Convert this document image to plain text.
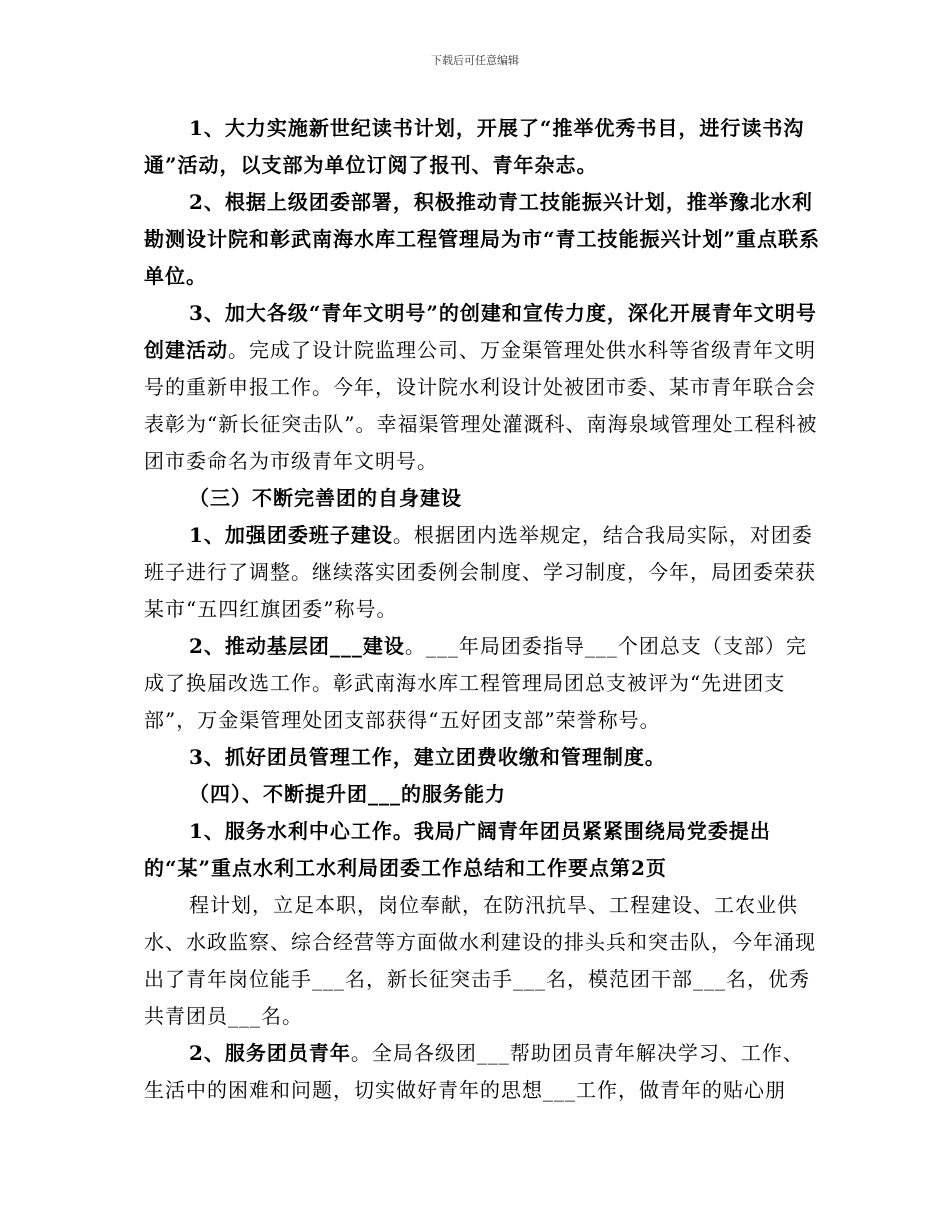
下载后可任意编辑

1、大力实施新世纪读书计划，开展了“推举优秀书目，进行读书沟通”活动，以支部为单位订阅了报刊、青年杂志。

2、根据上级团委部署，积极推动青工技能振兴计划，推举豫北水利勘测设计院和彰武南海水库工程管理局为市“青工技能振兴计划”重点联系单位。

3、加大各级“青年文明号”的创建和宣传力度，深化开展青年文明号创建活动。完成了设计院监理公司、万金渠管理处供水科等省级青年文明号的重新申报工作。今年，设计院水利设计处被团市委、某市青年联合会表彰为“新长征突击队”。幸福渠管理处灌溉科、南海泉域管理处工程科被团市委命名为市级青年文明号。

（三）不断完善团的自身建设

1、加强团委班子建设。根据团内选举规定，结合我局实际，对团委班子进行了调整。继续落实团委例会制度、学习制度，今年，局团委荣获某市“五四红旗团委”称号。

2、推动基层团___建设。___年局团委指导___个团总支（支部）完成了换届改选工作。彰武南海水库工程管理局团总支被评为“先进团支部”，万金渠管理处团支部获得“五好团支部”荣誉称号。

3、抓好团员管理工作，建立团费收缴和管理制度。

（四）、不断提升团___的服务能力

1、服务水利中心工作。我局广阔青年团员紧紧围绕局党委提出的“某”重点水利工水利局团委工作总结和工作要点第2页

程计划，立足本职，岗位奉献，在防汛抗旱、工程建设、工农业供水、水政监察、综合经营等方面做水利建设的排头兵和突击队，今年涌现出了青年岗位能手___名，新长征突击手___名，模范团干部___名，优秀共青团员___名。

2、服务团员青年。全局各级团___帮助团员青年解决学习、工作、生活中的困难和问题，切实做好青年的思想___工作，做青年的贴心朋
